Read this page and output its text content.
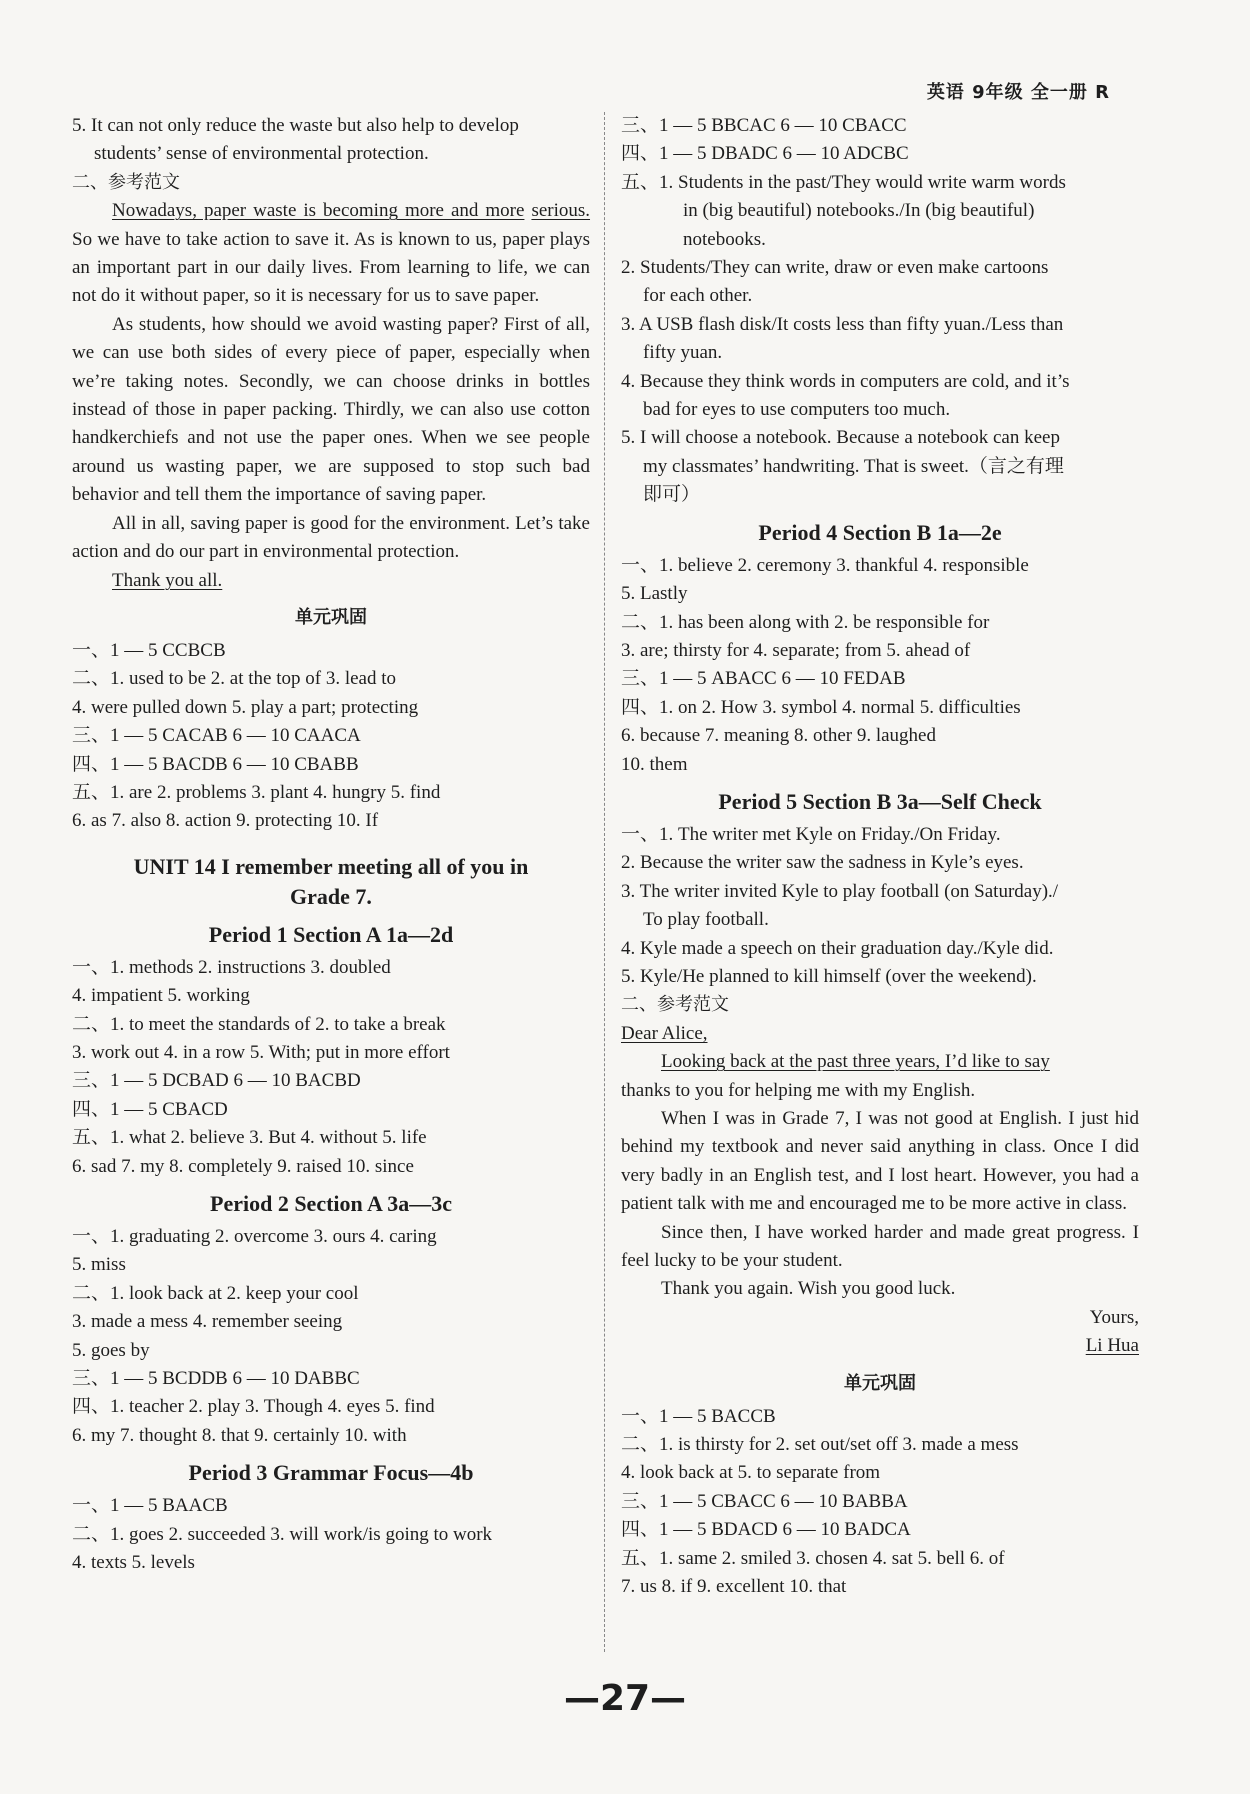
英语 9年级 全一册 R
5. It can not only reduce the waste but also help to develop
students’ sense of environmental protection.
二、参考范文
Nowadays, paper waste is becoming more and more serious. So we have to take action to save it. As is known to us, paper plays an important part in our daily lives. From learning to life, we can not do it without paper, so it is necessary for us to save paper.
As students, how should we avoid wasting paper? First of all, we can use both sides of every piece of paper, especially when we’re taking notes. Secondly, we can choose drinks in bottles instead of those in paper packing. Thirdly, we can also use cotton handkerchiefs and not use the paper ones. When we see people around us wasting paper, we are supposed to stop such bad behavior and tell them the importance of saving paper.
All in all, saving paper is good for the environment. Let’s take action and do our part in environmental protection.
Thank you all.
单元巩固
一、1 — 5 CCBCB
二、1. used to be 2. at the top of 3. lead to
4. were pulled down 5. play a part; protecting
三、1 — 5 CACAB 6 — 10 CAACA
四、1 — 5 BACDB 6 — 10 CBABB
五、1. are 2. problems 3. plant 4. hungry 5. find
6. as 7. also 8. action 9. protecting 10. If
UNIT 14 I remember meeting all of you in
Grade 7.
Period 1 Section A 1a—2d
一、1. methods 2. instructions 3. doubled
4. impatient 5. working
二、1. to meet the standards of 2. to take a break
3. work out 4. in a row 5. With; put in more effort
三、1 — 5 DCBAD 6 — 10 BACBD
四、1 — 5 CBACD
五、1. what 2. believe 3. But 4. without 5. life
6. sad 7. my 8. completely 9. raised 10. since
Period 2 Section A 3a—3c
一、1. graduating 2. overcome 3. ours 4. caring
5. miss
二、1. look back at 2. keep your cool
3. made a mess 4. remember seeing
5. goes by
三、1 — 5 BCDDB 6 — 10 DABBC
四、1. teacher 2. play 3. Though 4. eyes 5. find
6. my 7. thought 8. that 9. certainly 10. with
Period 3 Grammar Focus—4b
一、1 — 5 BAACB
二、1. goes 2. succeeded 3. will work/is going to work
4. texts 5. levels
三、1 — 5 BBCAC 6 — 10 CBACC
四、1 — 5 DBADC 6 — 10 ADCBC
五、1. Students in the past/They would write warm words
in (big beautiful) notebooks./In (big beautiful)
notebooks.
2. Students/They can write, draw or even make cartoons
for each other.
3. A USB flash disk/It costs less than fifty yuan./Less than
fifty yuan.
4. Because they think words in computers are cold, and it’s
bad for eyes to use computers too much.
5. I will choose a notebook. Because a notebook can keep
my classmates’ handwriting. That is sweet.（言之有理
即可）
Period 4 Section B 1a—2e
一、1. believe 2. ceremony 3. thankful 4. responsible
5. Lastly
二、1. has been along with 2. be responsible for
3. are; thirsty for 4. separate; from 5. ahead of
三、1 — 5 ABACC 6 — 10 FEDAB
四、1. on 2. How 3. symbol 4. normal 5. difficulties
6. because 7. meaning 8. other 9. laughed
10. them
Period 5 Section B 3a—Self Check
一、1. The writer met Kyle on Friday./On Friday.
2. Because the writer saw the sadness in Kyle’s eyes.
3. The writer invited Kyle to play football (on Saturday)./
To play football.
4. Kyle made a speech on their graduation day./Kyle did.
5. Kyle/He planned to kill himself (over the weekend).
二、参考范文
Dear Alice,
Looking back at the past three years, I’d like to say
thanks to you for helping me with my English.
When I was in Grade 7, I was not good at English. I just hid behind my textbook and never said anything in class. Once I did very badly in an English test, and I lost heart. However, you had a patient talk with me and encouraged me to be more active in class.
Since then, I have worked harder and made great progress. I feel lucky to be your student.
Thank you again. Wish you good luck.
Yours,
Li Hua
单元巩固
一、1 — 5 BACCB
二、1. is thirsty for 2. set out/set off 3. made a mess
4. look back at 5. to separate from
三、1 — 5 CBACC 6 — 10 BABBA
四、1 — 5 BDACD 6 — 10 BADCA
五、1. same 2. smiled 3. chosen 4. sat 5. bell 6. of
7. us 8. if 9. excellent 10. that
—27—
